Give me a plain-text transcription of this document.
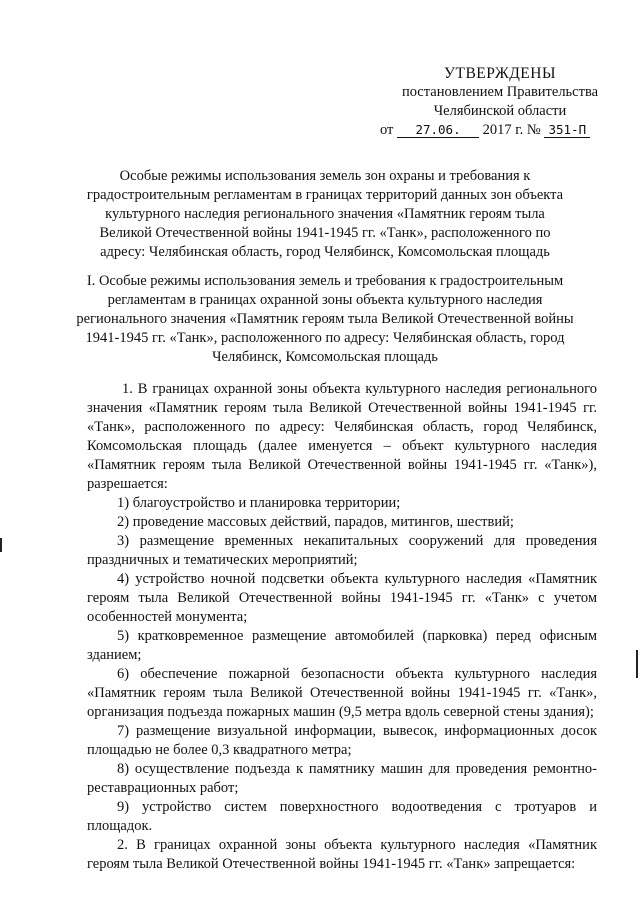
УТВЕРЖДЕНЫ
постановлением Правительства
Челябинской области
от 27.06. 2017 г. № 351-П
Особые режимы использования земель зон охраны и требования к градостроительным регламентам в границах территорий данных зон объекта культурного наследия регионального значения «Памятник героям тыла Великой Отечественной войны 1941-1945 гг. «Танк», расположенного по адресу: Челябинская область, город Челябинск, Комсомольская площадь
I. Особые режимы использования земель и требования к градостроительным регламентам в границах охранной зоны объекта культурного наследия регионального значения «Памятник героям тыла Великой Отечественной войны 1941-1945 гг. «Танк», расположенного по адресу: Челябинская область, город Челябинск, Комсомольская площадь

1. В границах охранной зоны объекта культурного наследия регионального значения «Памятник героям тыла Великой Отечественной войны 1941-1945 гг. «Танк», расположенного по адресу: Челябинская область, город Челябинск, Комсомольская площадь (далее именуется – объект культурного наследия «Памятник героям тыла Великой Отечественной войны 1941-1945 гг. «Танк»), разрешается:

1) благоустройство и планировка территории;

2) проведение массовых действий, парадов, митингов, шествий;

3) размещение временных некапитальных сооружений для проведения праздничных и тематических мероприятий;

4) устройство ночной подсветки объекта культурного наследия «Памятник героям тыла Великой Отечественной войны 1941-1945 гг. «Танк» с учетом особенностей монумента;

5) кратковременное размещение автомобилей (парковка) перед офисным зданием;

6) обеспечение пожарной безопасности объекта культурного наследия «Памятник героям тыла Великой Отечественной войны 1941-1945 гг. «Танк», организация подъезда пожарных машин (9,5 метра вдоль северной стены здания);

7) размещение визуальной информации, вывесок, информационных досок площадью не более 0,3 квадратного метра;

8) осуществление подъезда к памятнику машин для проведения ремонтно-реставрационных работ;

9) устройство систем поверхностного водоотведения с тротуаров и площадок.

2. В границах охранной зоны объекта культурного наследия «Памятник героям тыла Великой Отечественной войны 1941-1945 гг. «Танк» запрещается:
